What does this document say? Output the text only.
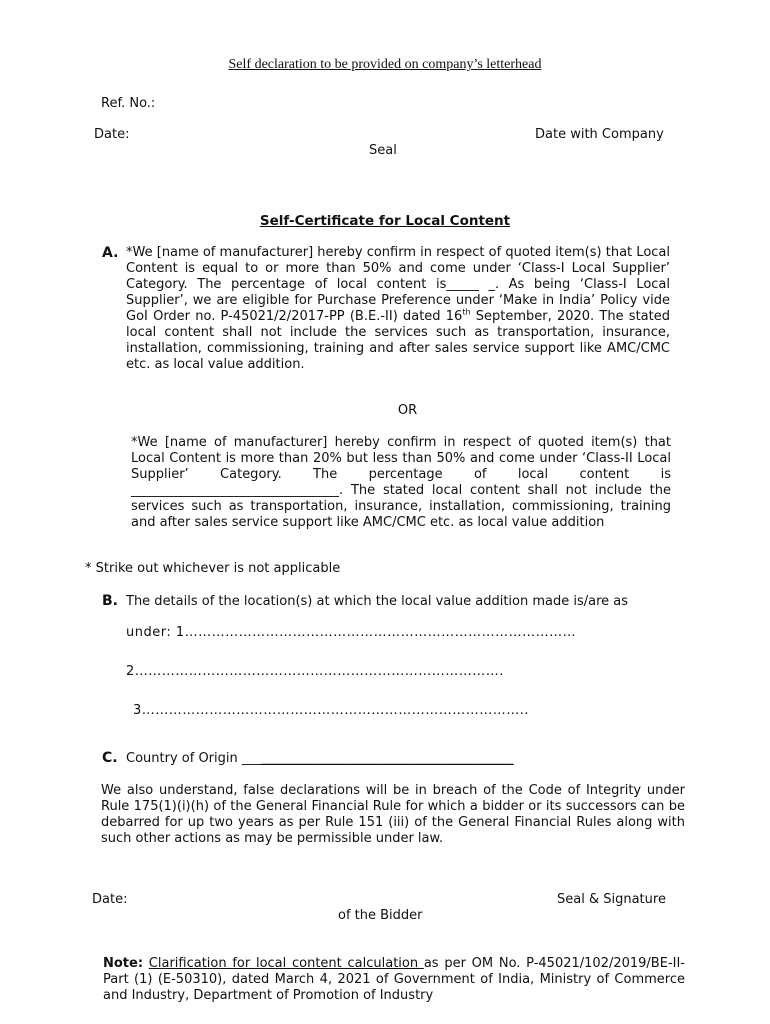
Self declaration to be provided on company’s letterhead
Ref. No.:
Date:	Date with Company
Seal
Self-Certificate for Local Content
A. *We [name of manufacturer] hereby confirm in respect of quoted item(s) that Local Content is equal to or more than 50% and come under ‘Class-I Local Supplier’ Category. The percentage of local content is_____ _. As being ‘Class-I Local Supplier’, we are eligible for Purchase Preference under ‘Make in India’ Policy vide GoI Order no. P-45021/2/2017-PP (B.E.-II) dated 16th September, 2020. The stated local content shall not include the services such as transportation, insurance, installation, commissioning, training and after sales service support like AMC/CMC etc. as local value addition.
OR
*We [name of manufacturer] hereby confirm in respect of quoted item(s) that Local Content is more than 20% but less than 50% and come under ‘Class-II Local Supplier’ Category. The percentage of local content is ________________________________. The stated local content shall not include the services such as transportation, insurance, installation, commissioning, training and after sales service support like AMC/CMC etc. as local value addition
* Strike out whichever is not applicable
B. The details of the location(s) at which the local value addition made is/are as
under: 1……………………………………………………………………………
2……………………………………………………………………….
3…………………………………………………………………………..
C. Country of Origin ___________________________________________
We also understand, false declarations will be in breach of the Code of Integrity under Rule 175(1)(i)(h) of the General Financial Rule for which a bidder or its successors can be debarred for up two years as per Rule 151 (iii) of the General Financial Rules along with such other actions as may be permissible under law.
Date:	Seal & Signature
of the Bidder
Note: Clarification for local content calculation as per OM No. P-45021/102/2019/BE-II-Part (1) (E-50310), dated March 4, 2021 of Government of India, Ministry of Commerce and Industry, Department of Promotion of Industry
